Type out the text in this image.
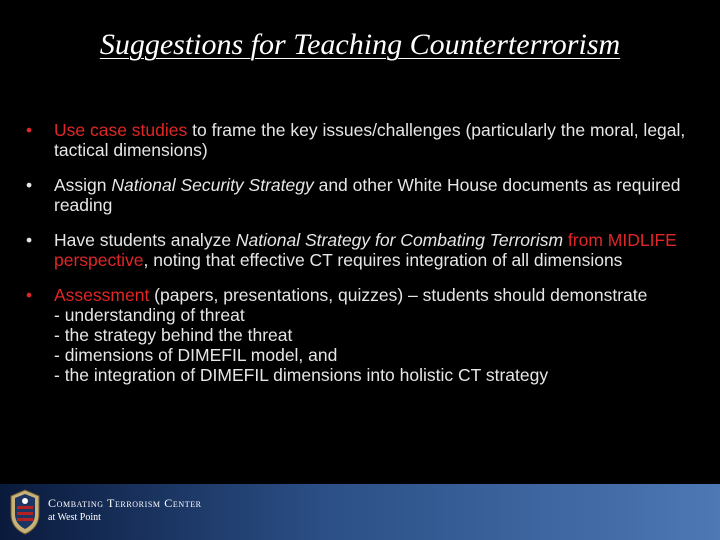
Suggestions for Teaching Counterterrorism
• Use case studies to frame the key issues/challenges (particularly the moral, legal, tactical dimensions)
• Assign National Security Strategy and other White House documents as required reading
• Have students analyze National Strategy for Combating Terrorism from MIDLIFE perspective, noting that effective CT requires integration of all dimensions
• Assessment (papers, presentations, quizzes) – students should demonstrate
- understanding of threat
- the strategy behind the threat
- dimensions of DIMEFIL model, and
- the integration of DIMEFIL dimensions into holistic CT strategy
Combating Terrorism Center
at West Point
